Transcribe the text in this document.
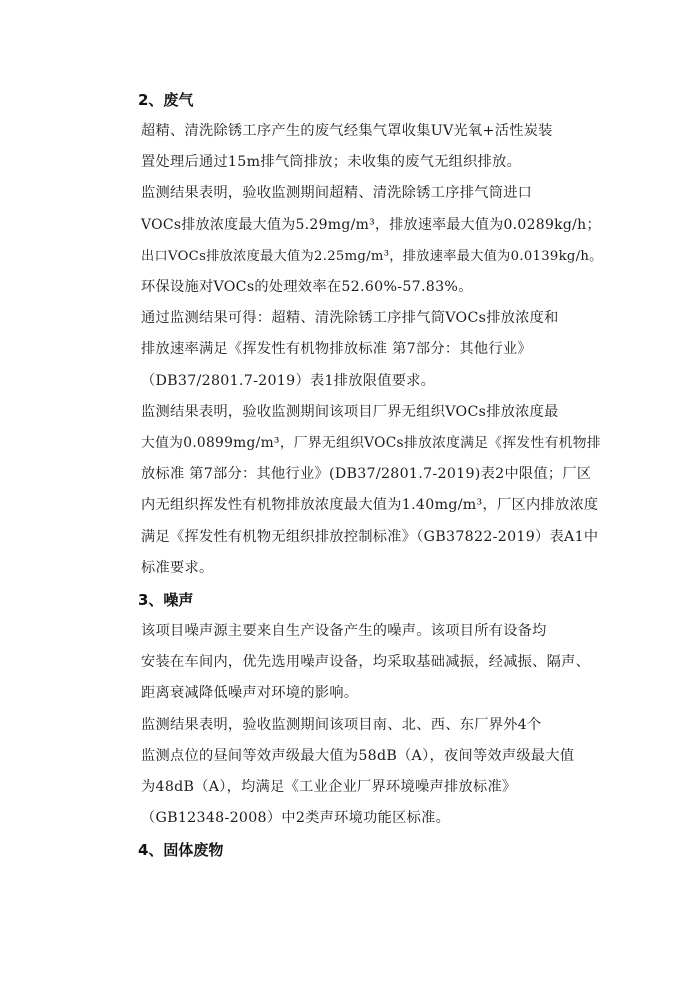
2、废气

超精、清洗除锈工序产生的废气经集气罩收集UV光氧+活性炭装
置处理后通过15m排气筒排放；未收集的废气无组织排放。

监测结果表明，验收监测期间超精、清洗除锈工序排气筒进口
VOCs排放浓度最大值为5.29mg/m³，排放速率最大值为0.0289kg/h；
出口VOCs排放浓度最大值为2.25mg/m³，排放速率最大值为0.0139kg/h。
环保设施对VOCs的处理效率在52.60%-57.83%。

通过监测结果可得：超精、清洗除锈工序排气筒VOCs排放浓度和
排放速率满足《挥发性有机物排放标准 第7部分：其他行业》
（DB37/2801.7-2019）表1排放限值要求。

监测结果表明，验收监测期间该项目厂界无组织VOCs排放浓度最
大值为0.0899mg/m³，厂界无组织VOCs排放浓度满足《挥发性有机物排
放标准 第7部分：其他行业》(DB37/2801.7-2019)表2中限值；厂区
内无组织挥发性有机物排放浓度最大值为1.40mg/m³，厂区内排放浓度
满足《挥发性有机物无组织排放控制标准》（GB37822-2019）表A1中
标准要求。

3、噪声

该项目噪声源主要来自生产设备产生的噪声。该项目所有设备均
安装在车间内，优先选用噪声设备，均采取基础减振，经减振、隔声、
距离衰减降低噪声对环境的影响。

监测结果表明，验收监测期间该项目南、北、西、东厂界外4个
监测点位的昼间等效声级最大值为58dB（A），夜间等效声级最大值
为48dB（A），均满足《工业企业厂界环境噪声排放标准》
（GB12348-2008）中2类声环境功能区标准。

4、固体废物
